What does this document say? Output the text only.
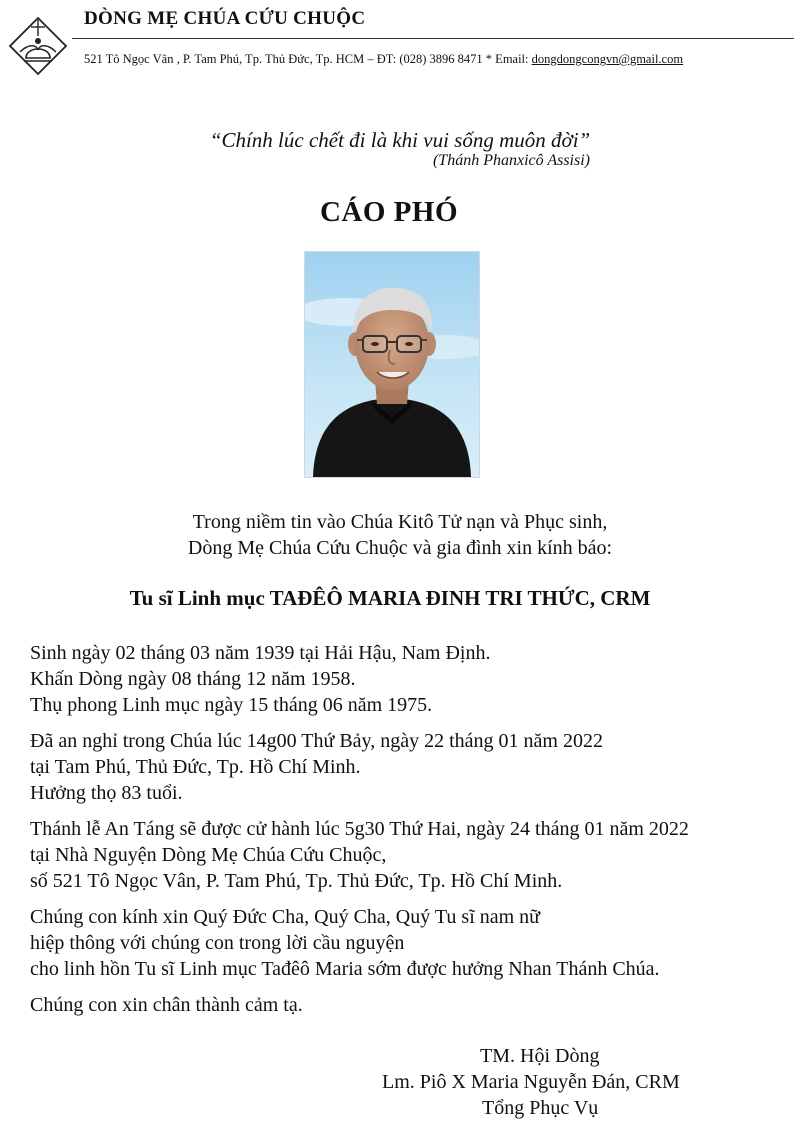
DÒNG MẸ CHÚA CỨU CHUỘC
521 Tô Ngọc Vân , P. Tam Phú, Tp. Thủ Đức, Tp. HCM – ĐT: (028) 3896 8471 * Email: dongdongcongvn@gmail.com
“Chính lúc chết đi là khi vui sống muôn đời”
(Thánh Phanxicô Assisi)
CÁO PHÓ
Trong niềm tin vào Chúa Kitô Tử nạn và Phục sinh,
Dòng Mẹ Chúa Cứu Chuộc và gia đình xin kính báo:
Tu sĩ Linh mục TAĐÊÔ MARIA ĐINH TRI THỨC, CRM

Sinh ngày 02 tháng 03 năm 1939 tại Hải Hậu, Nam Định.
Khấn Dòng ngày 08 tháng 12 năm 1958.
Thụ phong Linh mục ngày 15 tháng 06 năm 1975.

Đã an nghỉ trong Chúa lúc 14g00 Thứ Bảy, ngày 22 tháng 01 năm 2022
tại Tam Phú, Thủ Đức, Tp. Hồ Chí Minh.
Hưởng thọ 83 tuổi.

Thánh lễ An Táng sẽ được cử hành lúc 5g30 Thứ Hai, ngày 24 tháng 01 năm 2022
tại Nhà Nguyện Dòng Mẹ Chúa Cứu Chuộc,
số 521 Tô Ngọc Vân, P. Tam Phú, Tp. Thủ Đức, Tp. Hồ Chí Minh.

Chúng con kính xin Quý Đức Cha, Quý Cha, Quý Tu sĩ nam nữ
hiệp thông với chúng con trong lời cầu nguyện
cho linh hồn Tu sĩ Linh mục Tađêô Maria sớm được hưởng Nhan Thánh Chúa.

Chúng con xin chân thành cảm tạ.

TM. Hội Dòng
Lm. Piô X Maria Nguyễn Đán, CRM
Tổng Phục Vụ
